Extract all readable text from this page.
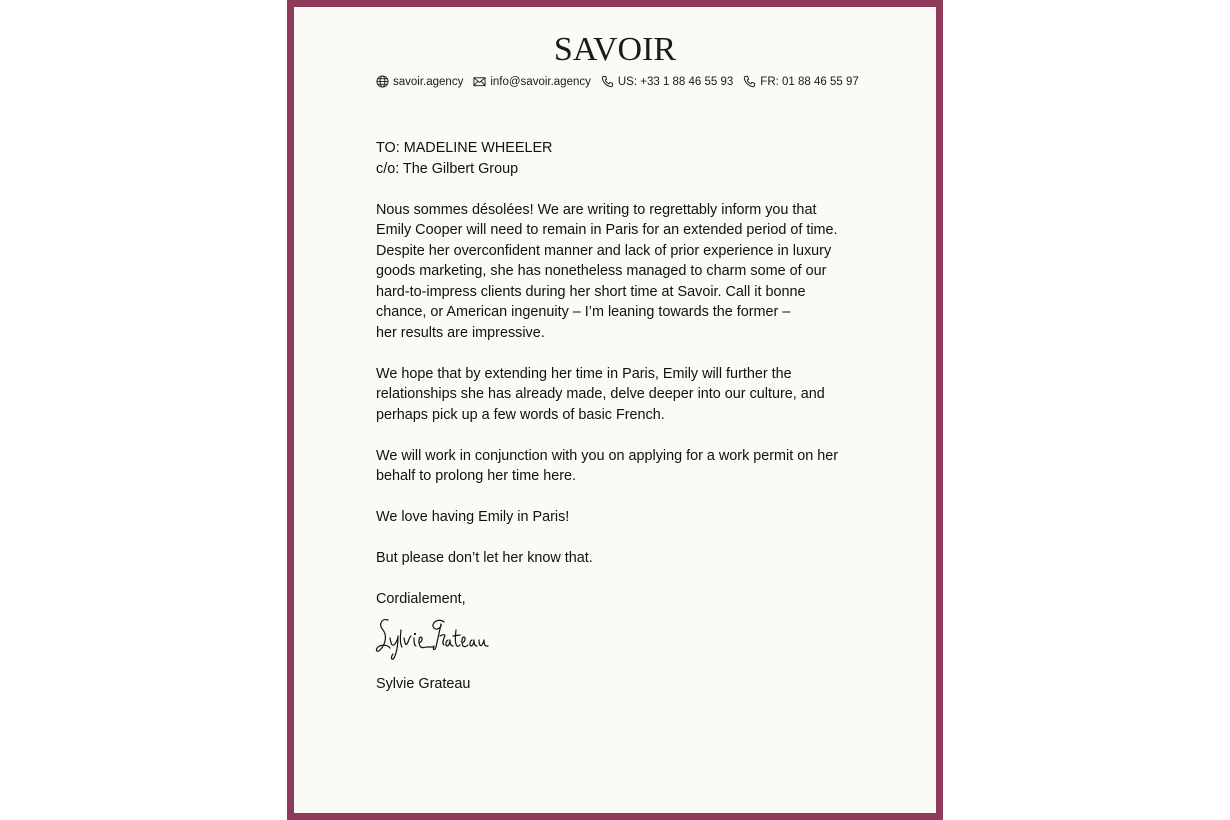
SAVOIR
savoir.agency info@savoir.agency US: +33 1 88 46 55 93 FR: 01 88 46 55 97

TO: MADELINE WHEELER
c/o: The Gilbert Group

Nous sommes désolées! We are writing to regrettably inform you that
Emily Cooper will need to remain in Paris for an extended period of time.
Despite her overconfident manner and lack of prior experience in luxury
goods marketing, she has nonetheless managed to charm some of our
hard-to-impress clients during her short time at Savoir. Call it bonne
chance, or American ingenuity – I’m leaning towards the former –
her results are impressive.

We hope that by extending her time in Paris, Emily will further the
relationships she has already made, delve deeper into our culture, and
perhaps pick up a few words of basic French.

We will work in conjunction with you on applying for a work permit on her
behalf to prolong her time here.

We love having Emily in Paris!

But please don’t let her know that.

Cordialement,

Sylvie Grateau
